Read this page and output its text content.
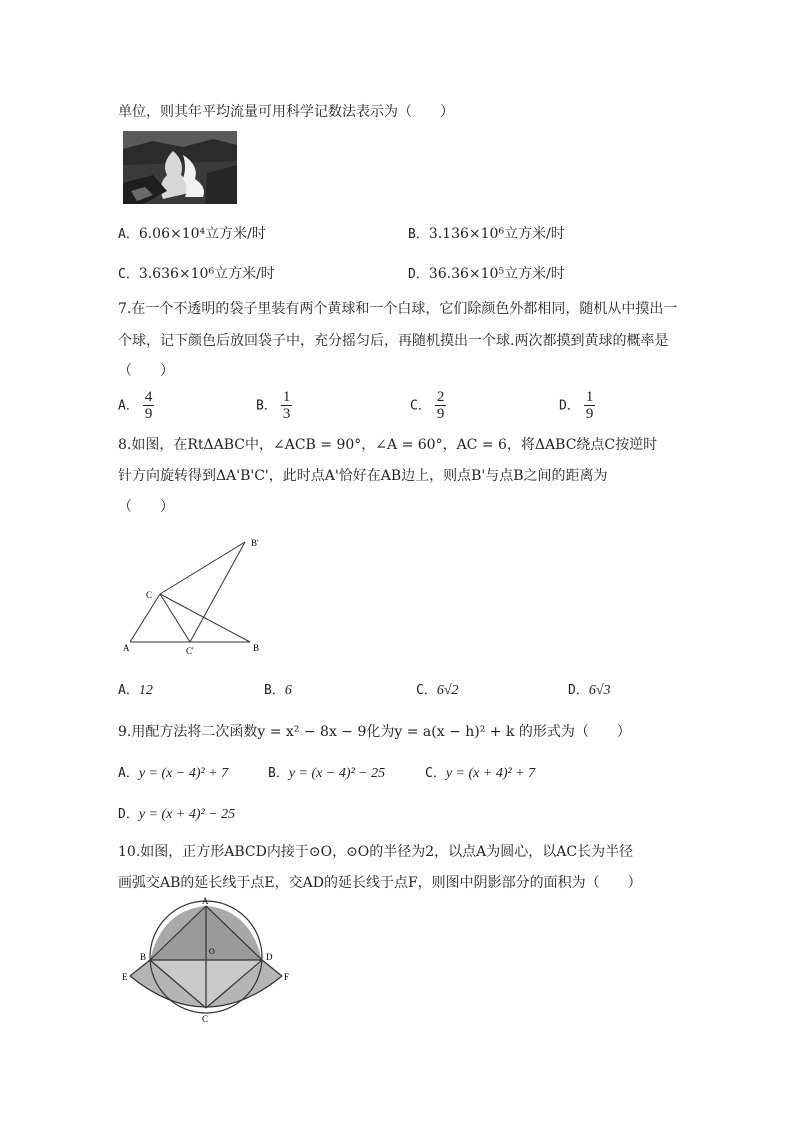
单位，则其年平均流量可用科学记数法表示为（　　）
A．6.06×10⁴立方米/时	B．3.136×10⁶立方米/时
C．3.636×10⁶立方米/时	D．36.36×10⁵立方米/时
7.在一个不透明的袋子里装有两个黄球和一个白球，它们除颜色外都相同，随机从中摸出一
个球，记下颜色后放回袋子中，充分摇匀后，再随机摸出一个球.两次都摸到黄球的概率是
（　　）
A． $\frac{4}{9}$	B． $\frac{1}{3}$	C． $\frac{2}{9}$	D． $\frac{1}{9}$
8.如图，在RtΔABC中，∠ACB = 90°，∠A = 60°，AC = 6，将ΔABC绕点C按逆时
针方向旋转得到ΔA'B'C'，此时点A'恰好在AB边上，则点B'与点B之间的距离为
（　　）
C
A	B
B'
C'
A．12	B．6	C．6√2	D．6√3
9.用配方法将二次函数y = x² − 8x − 9化为y = a(x − h)² + k 的形式为（　　）
A．y = (x − 4)² + 7	B．y = (x − 4)² − 25	C．y = (x + 4)² + 7
D．y = (x + 4)² − 25
10.如图，正方形ABCD内接于⊙O，⊙O的半径为2，以点A为圆心，以AC长为半径
画弧交AB的延长线于点E，交AD的延长线于点F，则图中阴影部分的面积为（　　）
A
B
C
D
E	F
O
